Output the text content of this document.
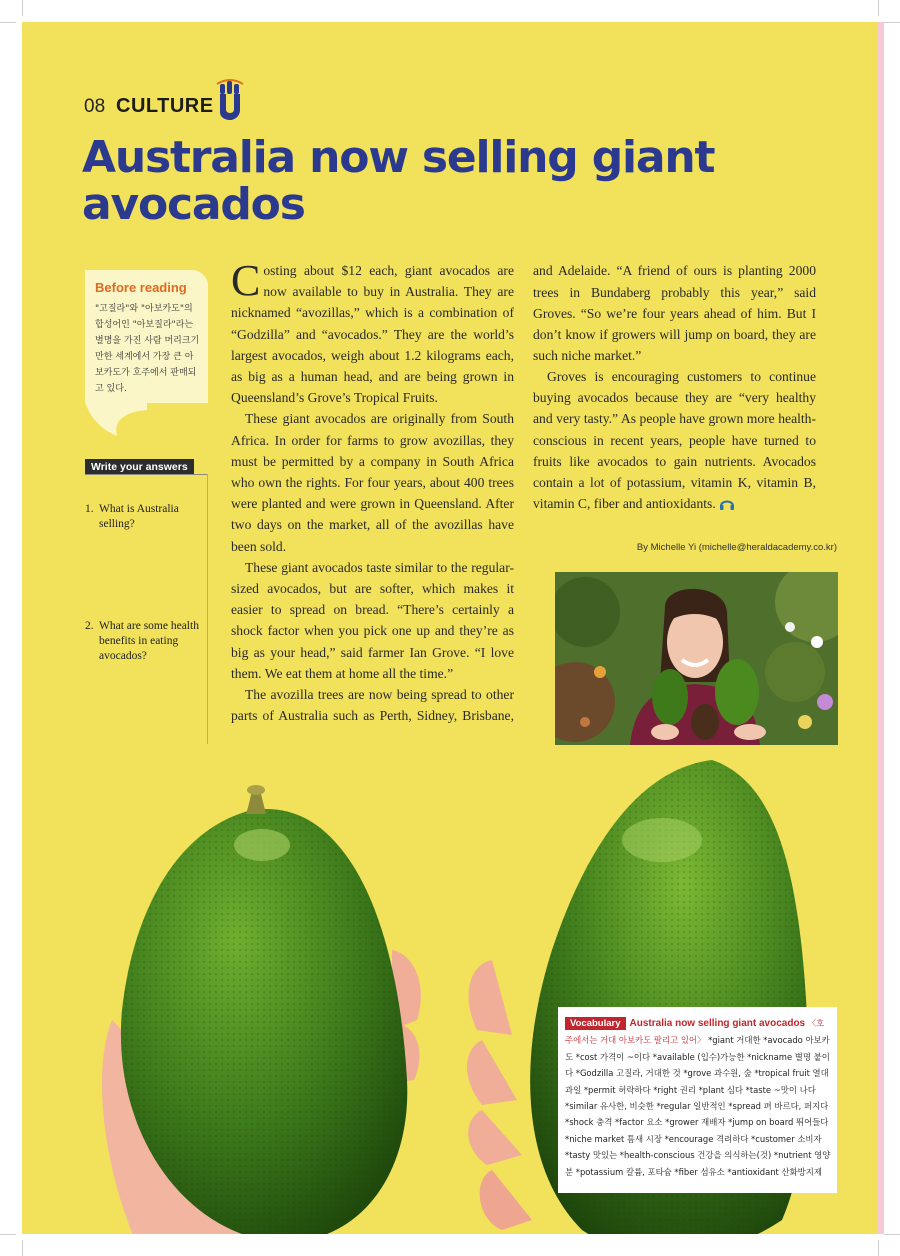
08 CULTURE
Australia now selling giant avocados
Before reading
"고질라"와 "아보카도"의 합성어인 "아보질라"라는 별명을 가진 사람 머리크기 만한 세계에서 가장 큰 아보카도가 호주에서 판매되고 있다.
Write your answers
1. What is Australia selling?
2. What are some health benefits in eating avocados?

Costing about $12 each, giant avocados are now available to buy in Australia. They are nicknamed “avozillas,” which is a combination of “Godzilla” and “avocados.” They are the world’s largest avocados, weigh about 1.2 kilograms each, as big as a human head, and are being grown in Queensland’s Grove’s Tropical Fruits.

These giant avocados are originally from South Africa. In order for farms to grow avozillas, they must be permitted by a company in South Africa who own the rights. For four years, about 400 trees were planted and were grown in Queensland. After two days on the market, all of the avozillas have been sold.

These giant avocados taste similar to the regular-sized avocados, but are softer, which makes it easier to spread on bread. “There’s certainly a shock factor when you pick one up and they’re as big as your head,” said farmer Ian Grove. “I love them. We eat them at home all the time.”

The avozilla trees are now being spread to other parts of Australia such as Perth, Sidney, Brisbane,

and Adelaide. “A friend of ours is planting 2000 trees in Bundaberg probably this year,” said Groves. “So we’re four years ahead of him. But I don’t know if growers will jump on board, they are such niche market.”

Groves is encouraging customers to continue buying avocados because they are “very healthy and very tasty.” As people have grown more health-conscious in recent years, people have turned to fruits like avocados to gain nutrients. Avocados contain a lot of potassium, vitamin K, vitamin B, vitamin C, fiber and antioxidants.

By Michelle Yi (michelle@heraldacademy.co.kr)
Vocabulary Australia now selling giant avocados 〈호주에서는 거대 아보카도 팔리고 있어〉 *giant 거대한 *avocado 아보카도 *cost 가격이 ~이다 *available (입수)가능한 *nickname 별명 붙이다 *Godzilla 고질라, 거대한 것 *grove 과수원, 숲 *tropical fruit 열대과일 *permit 허락하다 *right 권리 *plant 심다 *taste ~맛이 나다 *similar 유사한, 비슷한 *regular 일반적인 *spread 펴 바르다, 퍼지다 *shock 충격 *factor 요소 *grower 재배자 *jump on board 뛰어들다 *niche market 틈새 시장 *encourage 격려하다 *customer 소비자 *tasty 맛있는 *health-conscious 건강을 의식하는(것) *nutrient 영양분 *potassium 칼륨, 포타슘 *fiber 섬유소 *antioxidant 산화방지제
